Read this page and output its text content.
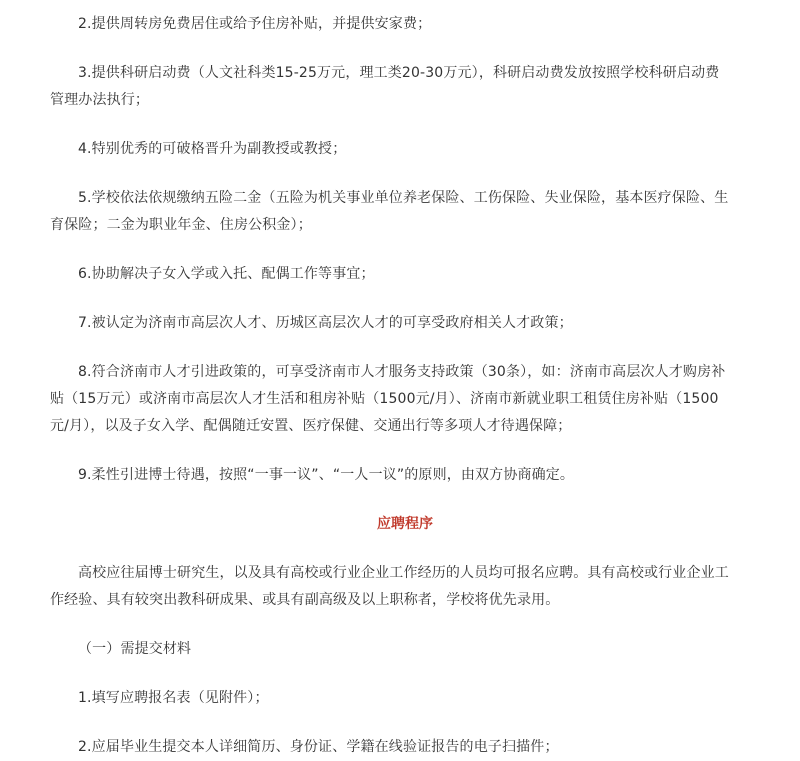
2.提供周转房免费居住或给予住房补贴，并提供安家费；

3.提供科研启动费（人文社科类15-25万元，理工类20-30万元），科研启动费发放按照学校科研启动费
管理办法执行；

4.特别优秀的可破格晋升为副教授或教授；

5.学校依法依规缴纳五险二金（五险为机关事业单位养老保险、工伤保险、失业保险，基本医疗保险、生
育保险；二金为职业年金、住房公积金）；

6.协助解决子女入学或入托、配偶工作等事宜；

7.被认定为济南市高层次人才、历城区高层次人才的可享受政府相关人才政策；

8.符合济南市人才引进政策的，可享受济南市人才服务支持政策（30条），如：济南市高层次人才购房补
贴（15万元）或济南市高层次人才生活和租房补贴（1500元/月）、济南市新就业职工租赁住房补贴（1500
元/月），以及子女入学、配偶随迁安置、医疗保健、交通出行等多项人才待遇保障；

9.柔性引进博士待遇，按照“一事一议”、“一人一议”的原则，由双方协商确定。

应聘程序

高校应往届博士研究生，以及具有高校或行业企业工作经历的人员均可报名应聘。具有高校或行业企业工
作经验、具有较突出教科研成果、或具有副高级及以上职称者，学校将优先录用。

（一）需提交材料

1.填写应聘报名表（见附件）；

2.应届毕业生提交本人详细简历、身份证、学籍在线验证报告的电子扫描件；
